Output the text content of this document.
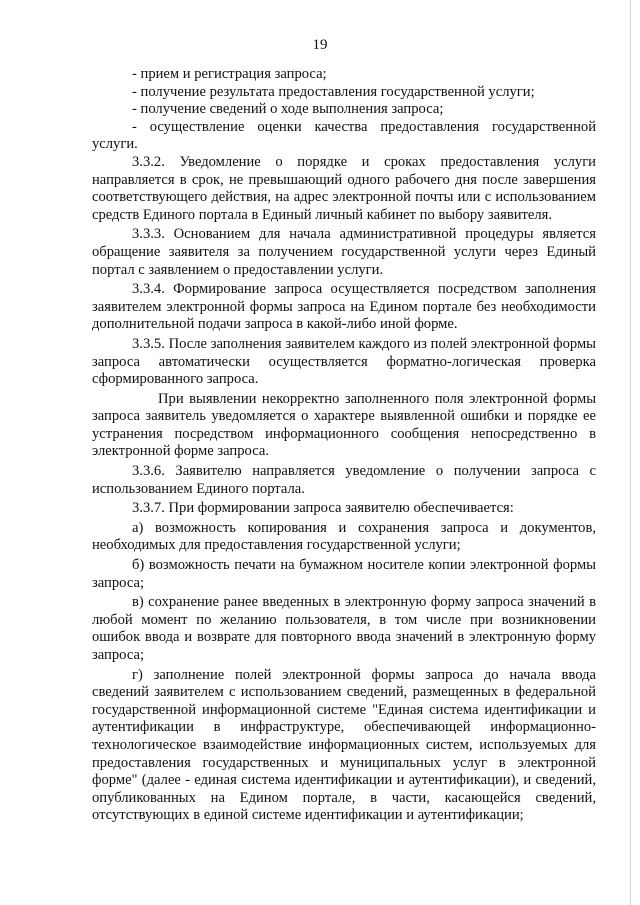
19

- прием и регистрация запроса;

- получение результата предоставления государственной услуги;

- получение сведений о ходе выполнения запроса;

- осуществление оценки качества предоставления государственной услуги.

3.3.2. Уведомление о порядке и сроках предоставления услуги направляется в срок, не превышающий одного рабочего дня после завершения соответствующего действия, на адрес электронной почты или с использованием средств Единого портала в Единый личный кабинет по выбору заявителя.

3.3.3. Основанием для начала административной процедуры является обращение заявителя за получением государственной услуги через Единый портал с заявлением о предоставлении услуги.

3.3.4. Формирование запроса осуществляется посредством заполнения заявителем электронной формы запроса на Едином портале без необходимости дополнительной подачи запроса в какой-либо иной форме.

3.3.5. После заполнения заявителем каждого из полей электронной формы запроса автоматически осуществляется форматно-логическая проверка сформированного запроса.

При выявлении некорректно заполненного поля электронной формы запроса заявитель уведомляется о характере выявленной ошибки и порядке ее устранения посредством информационного сообщения непосредственно в электронной форме запроса.

3.3.6. Заявителю направляется уведомление о получении запроса с использованием Единого портала.

3.3.7. При формировании запроса заявителю обеспечивается:

а) возможность копирования и сохранения запроса и документов, необходимых для предоставления государственной услуги;

б) возможность печати на бумажном носителе копии электронной формы запроса;

в) сохранение ранее введенных в электронную форму запроса значений в любой момент по желанию пользователя, в том числе при возникновении ошибок ввода и возврате для повторного ввода значений в электронную форму запроса;

г) заполнение полей электронной формы запроса до начала ввода сведений заявителем с использованием сведений, размещенных в федеральной государственной информационной системе "Единая система идентификации и аутентификации в инфраструктуре, обеспечивающей информационно-технологическое взаимодействие информационных систем, используемых для предоставления государственных и муниципальных услуг в электронной форме" (далее - единая система идентификации и аутентификации), и сведений, опубликованных на Едином портале, в части, касающейся сведений, отсутствующих в единой системе идентификации и аутентификации;
